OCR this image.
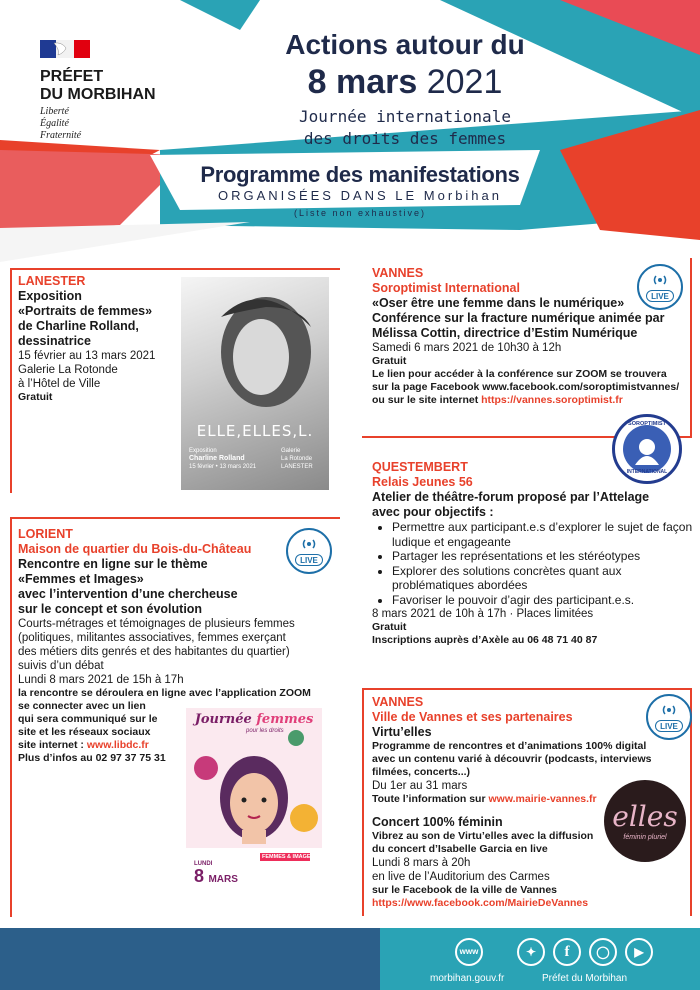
PRÉFET
DU MORBIHAN
Liberté
Égalité
Fraternité
Actions autour du
8 mars 2021
Journée internationale
des droits des femmes
Programme des manifestations
ORGANISÉES DANS LE Morbihan
(Liste non exhaustive)
LANESTER
Exposition
«Portraits de femmes»
de Charline Rolland,
dessinatrice
15 février au 13 mars 2021
Galerie La Rotonde
à l’Hôtel de Ville
Gratuit
ELLE,ELLES,L.
Exposition
Charline Rolland
15 février • 13 mars 2021
Galerie
La Rotonde
LANESTER
LIVE
LORIENT
Maison de quartier du Bois-du-Château
Rencontre en ligne sur le thème
«Femmes et Images»
avec l’intervention d’une chercheuse
sur le concept et son évolution
Courts-métrages et témoignages de plusieurs femmes
(politiques, militantes associatives, femmes exerçant
des métiers dits genrés et des habitantes du quartier)
suivis d’un débat
Lundi 8 mars 2021 de 15h à 17h
la rencontre se déroulera en ligne avec l’application ZOOM
se connecter avec un lien
qui sera communiqué sur le
site et les réseaux sociaux
site internet : www.libdc.fr
Plus d’infos au 02 97 37 75 31
Journée femmes
pour les droits
FEMMES & IMAGES
LUNDI
8 MARS
LIVE
VANNES
Soroptimist International
«Oser être une femme dans le numérique»
Conférence sur la fracture numérique animée par
Mélissa Cottin, directrice d’Estim Numérique
Samedi 6 mars 2021 de 10h30 à 12h
Gratuit
Le lien pour accéder à la conférence sur ZOOM se trouvera
sur la page Facebook www.facebook.com/soroptimistvannes/
ou sur le site internet https://vannes.soroptimist.fr
SOROPTIMIST
INTERNATIONAL
QUESTEMBERT
Relais Jeunes 56
Atelier de théâtre-forum proposé par l’Attelage
avec pour objectifs :
• Permettre aux participant.e.s d’explorer le sujet de façon ludique et engageante
• Partager les représentations et les stéréotypes
• Explorer des solutions concrètes quant aux problématiques abordées
• Favoriser le pouvoir d’agir des participant.e.s.
8 mars 2021 de 10h à 17h · Places limitées
Gratuit
Inscriptions auprès d’Axèle au 06 48 71 40 87
LIVE
VANNES
Ville de Vannes et ses partenaires
Virtu’elles
Programme de rencontres et d’animations 100% digital
avec un contenu varié à découvrir (podcasts, interviews
filmées, concerts...)
Du 1er au 31 mars
Toute l’information sur www.mairie-vannes.fr
Concert 100% féminin
Vibrez au son de Virtu’elles avec la diffusion
du concert d’Isabelle Garcia en live
Lundi 8 mars à 20h
en live de l’Auditorium des Carmes
sur le Facebook de la ville de Vannes
https://www.facebook.com/MairieDeVannes
elles
féminin pluriel
www	✦	f	◯	▶
morbihan.gouv.fr	Préfet du Morbihan
